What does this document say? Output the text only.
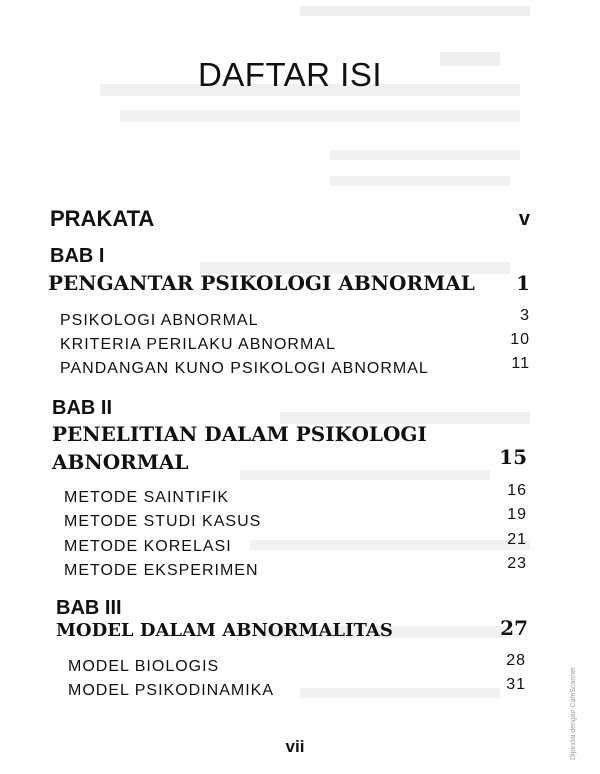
DAFTAR ISI
PRAKATA	v
BAB I
PENGANTAR PSIKOLOGI ABNORMAL	1
PSIKOLOGI ABNORMAL	3
KRITERIA PERILAKU ABNORMAL	10
PANDANGAN KUNO PSIKOLOGI ABNORMAL	11
BAB II
PENELITIAN DALAM PSIKOLOGI
ABNORMAL	15
METODE SAINTIFIK	16
METODE STUDI KASUS	19
METODE KORELASI	21
METODE EKSPERIMEN	23
BAB III
MODEL DALAM ABNORMALITAS	27
MODEL BIOLOGIS	28
MODEL PSIKODINAMIKA	31
vii	Dipindai dengan CamScanner
